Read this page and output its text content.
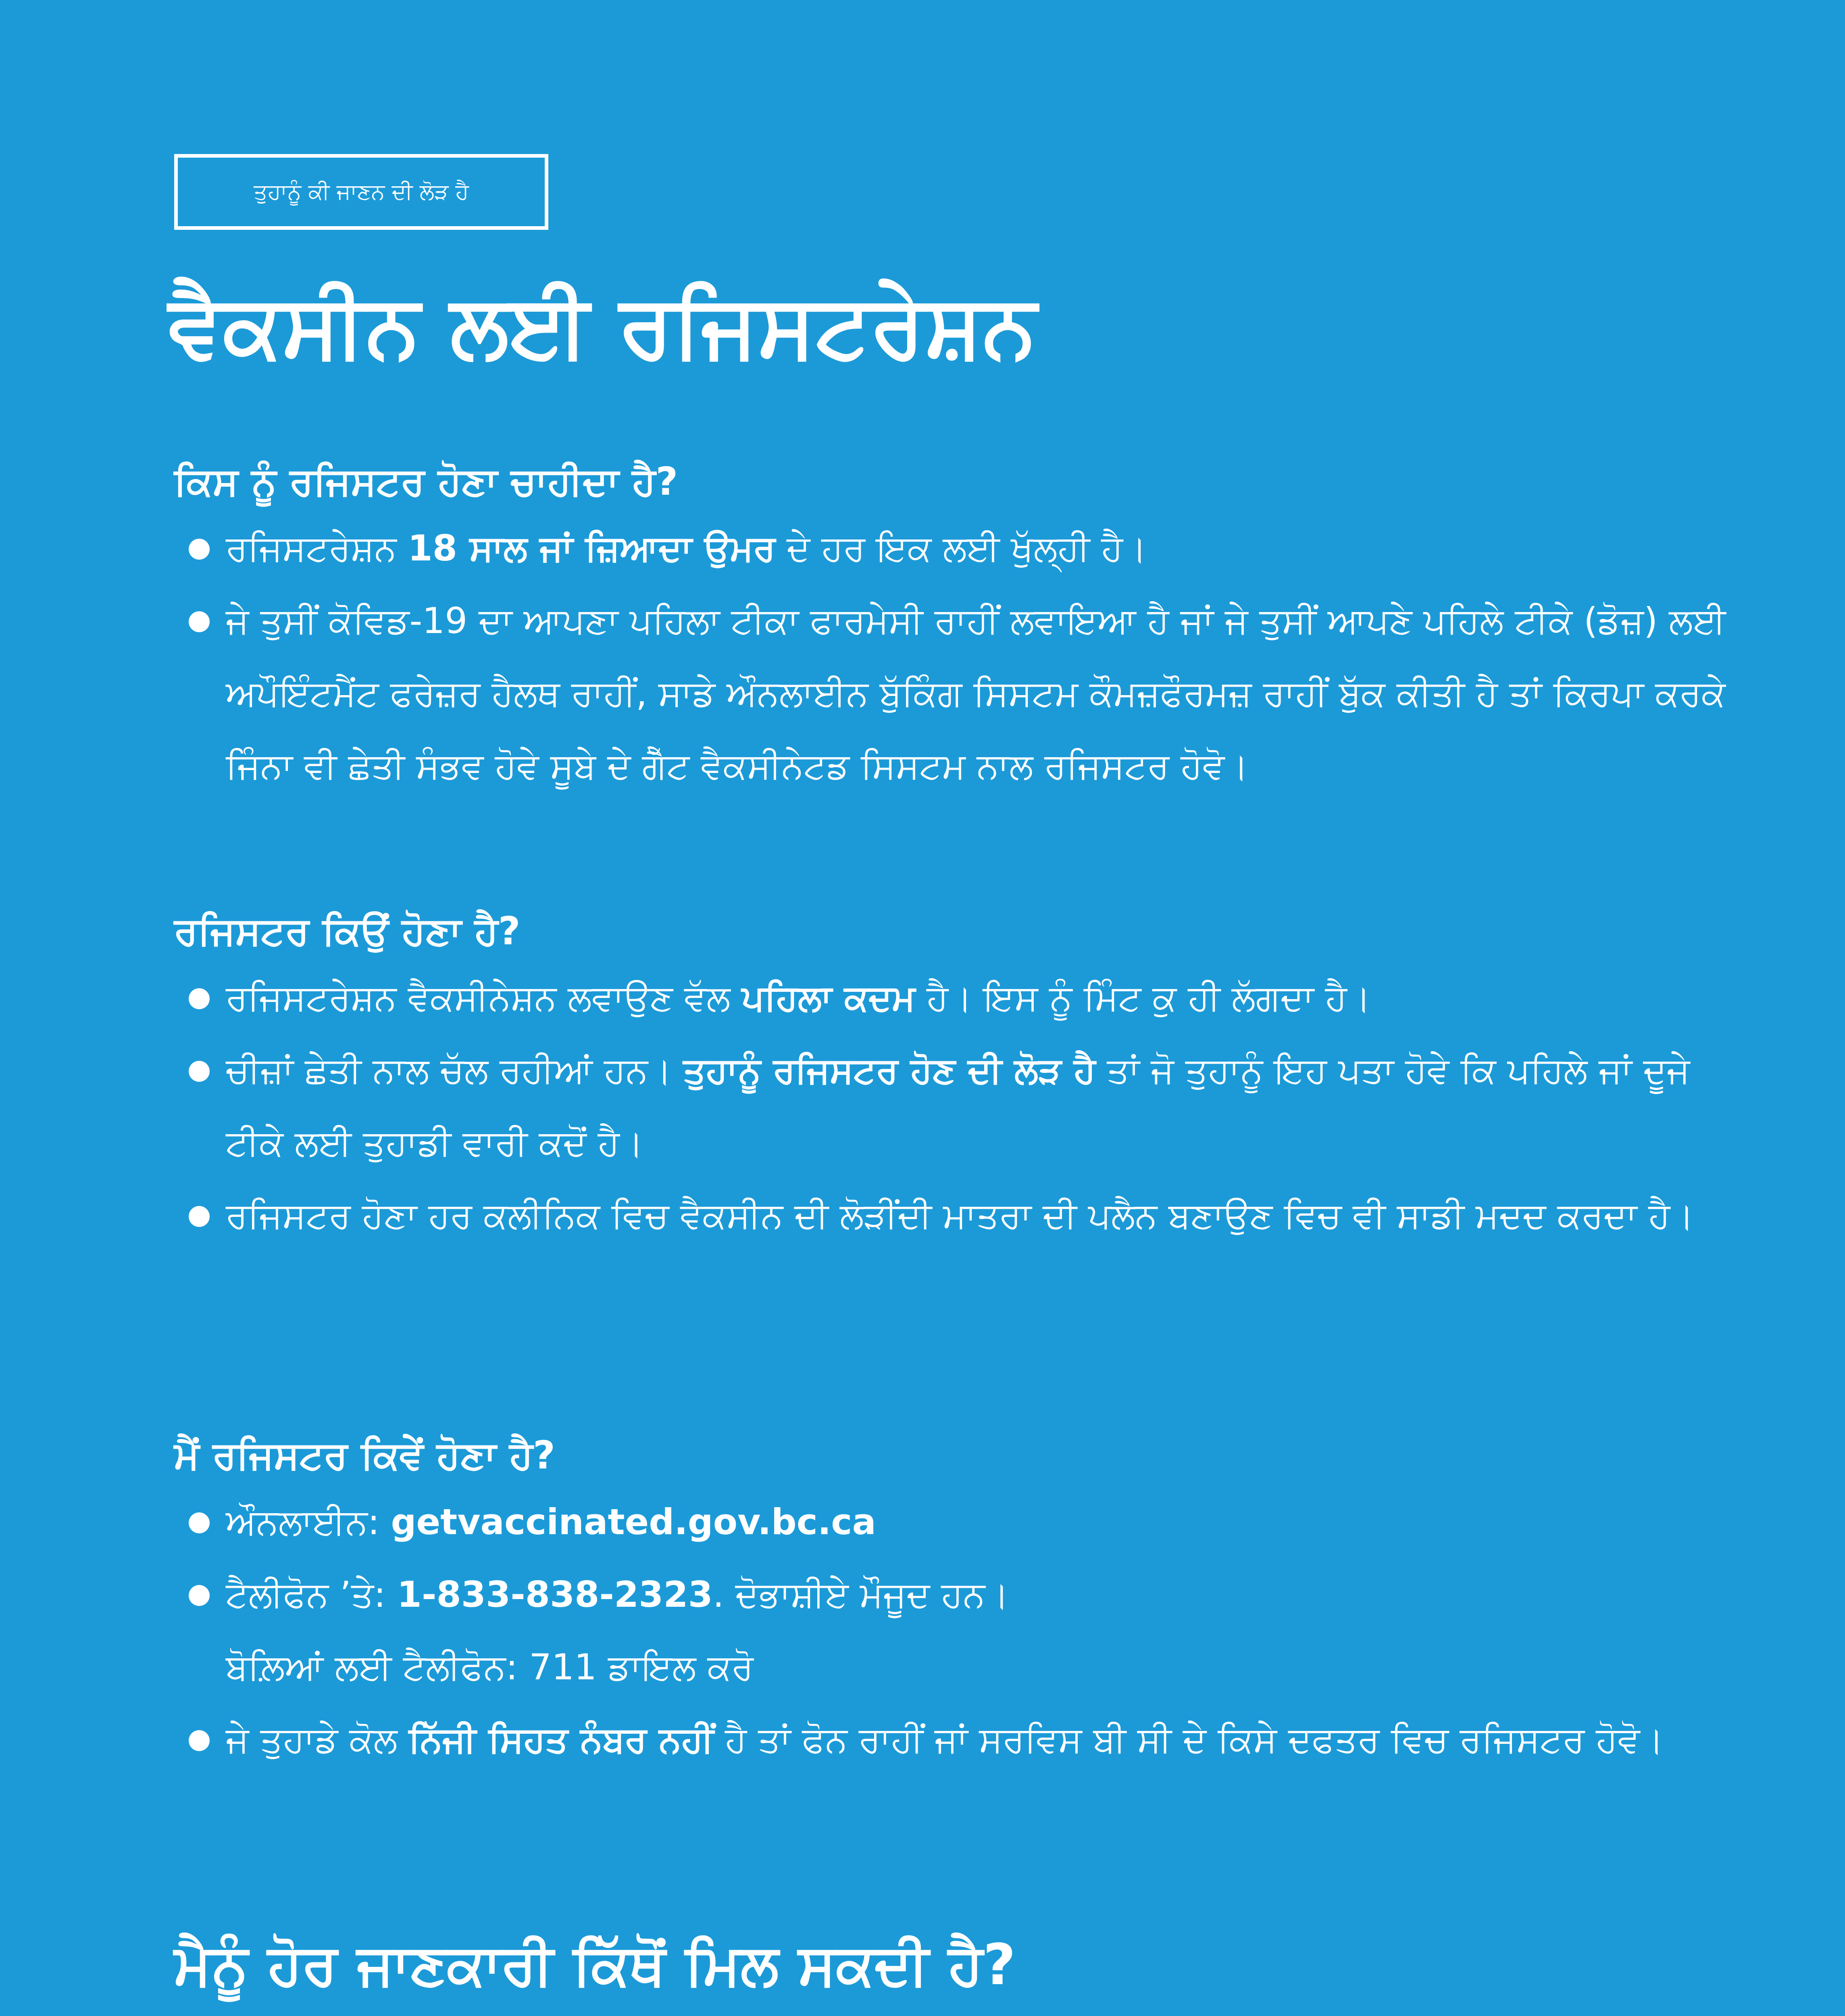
ਤੁਹਾਨੂੰ ਕੀ ਜਾਣਨ ਦੀ ਲੋੜ ਹੈ
ਵੈਕਸੀਨ ਲਈ ਰਜਿਸਟਰੇਸ਼ਨ
ਕਿਸ ਨੂੰ ਰਜਿਸਟਰ ਹੋਣਾ ਚਾਹੀਦਾ ਹੈ?
ਰਜਿਸਟਰੇਸ਼ਨ 18 ਸਾਲ ਜਾਂ ਜ਼ਿਆਦਾ ਉਮਰ ਦੇ ਹਰ ਇਕ ਲਈ ਖੁੱਲ੍ਹੀ ਹੈ।
ਜੇ ਤੁਸੀਂ ਕੋਵਿਡ-19 ਦਾ ਆਪਣਾ ਪਹਿਲਾ ਟੀਕਾ ਫਾਰਮੇਸੀ ਰਾਹੀਂ ਲਵਾਇਆ ਹੈ ਜਾਂ ਜੇ ਤੁਸੀਂ ਆਪਣੇ ਪਹਿਲੇ ਟੀਕੇ (ਡੋਜ਼) ਲਈ ਅਪੌਇੰਟਮੈਂਟ ਫਰੇਜ਼ਰ ਹੈਲਥ ਰਾਹੀਂ, ਸਾਡੇ ਔਨਲਾਈਨ ਬੁੱਕਿੰਗ ਸਿਸਟਮ ਕੌਮਜ਼ਫੌਰਮਜ਼ ਰਾਹੀਂ ਬੁੱਕ ਕੀਤੀ ਹੈ ਤਾਂ ਕਿਰਪਾ ਕਰਕੇ ਜਿੰਨਾ ਵੀ ਛੇਤੀ ਸੰਭਵ ਹੋਵੇ ਸੂਬੇ ਦੇ ਗੈੱਟ ਵੈਕਸੀਨੇਟਡ ਸਿਸਟਮ ਨਾਲ ਰਜਿਸਟਰ ਹੋਵੋ।
ਰਜਿਸਟਰ ਕਿਉਂ ਹੋਣਾ ਹੈ?
ਰਜਿਸਟਰੇਸ਼ਨ ਵੈਕਸੀਨੇਸ਼ਨ ਲਵਾਉਣ ਵੱਲ ਪਹਿਲਾ ਕਦਮ ਹੈ। ਇਸ ਨੂੰ ਮਿੰਟ ਕੁ ਹੀ ਲੱਗਦਾ ਹੈ।
ਚੀਜ਼ਾਂ ਛੇਤੀ ਨਾਲ ਚੱਲ ਰਹੀਆਂ ਹਨ। ਤੁਹਾਨੂੰ ਰਜਿਸਟਰ ਹੋਣ ਦੀ ਲੋੜ ਹੈ ਤਾਂ ਜੋ ਤੁਹਾਨੂੰ ਇਹ ਪਤਾ ਹੋਵੇ ਕਿ ਪਹਿਲੇ ਜਾਂ ਦੂਜੇ ਟੀਕੇ ਲਈ ਤੁਹਾਡੀ ਵਾਰੀ ਕਦੋਂ ਹੈ।
ਰਜਿਸਟਰ ਹੋਣਾ ਹਰ ਕਲੀਨਿਕ ਵਿਚ ਵੈਕਸੀਨ ਦੀ ਲੋੜੀਂਦੀ ਮਾਤਰਾ ਦੀ ਪਲੈਨ ਬਣਾਉਣ ਵਿਚ ਵੀ ਸਾਡੀ ਮਦਦ ਕਰਦਾ ਹੈ।
ਮੈਂ ਰਜਿਸਟਰ ਕਿਵੇਂ ਹੋਣਾ ਹੈ?
ਔਨਲਾਈਨ: getvaccinated.gov.bc.ca
ਟੈਲੀਫੋਨ ’ਤੇ: 1-833-838-2323. ਦੋਭਾਸ਼ੀਏ ਮੌਜੂਦ ਹਨ।
ਬੋਲ਼ਿਆਂ ਲਈ ਟੈਲੀਫੋਨ: 711 ਡਾਇਲ ਕਰੋ
ਜੇ ਤੁਹਾਡੇ ਕੋਲ ਨਿੱਜੀ ਸਿਹਤ ਨੰਬਰ ਨਹੀਂ ਹੈ ਤਾਂ ਫੋਨ ਰਾਹੀਂ ਜਾਂ ਸਰਵਿਸ ਬੀ ਸੀ ਦੇ ਕਿਸੇ ਦਫਤਰ ਵਿਚ ਰਜਿਸਟਰ ਹੋਵੋ।
ਮੈਨੂੰ ਹੋਰ ਜਾਣਕਾਰੀ ਕਿੱਥੋਂ ਮਿਲ ਸਕਦੀ ਹੈ?
